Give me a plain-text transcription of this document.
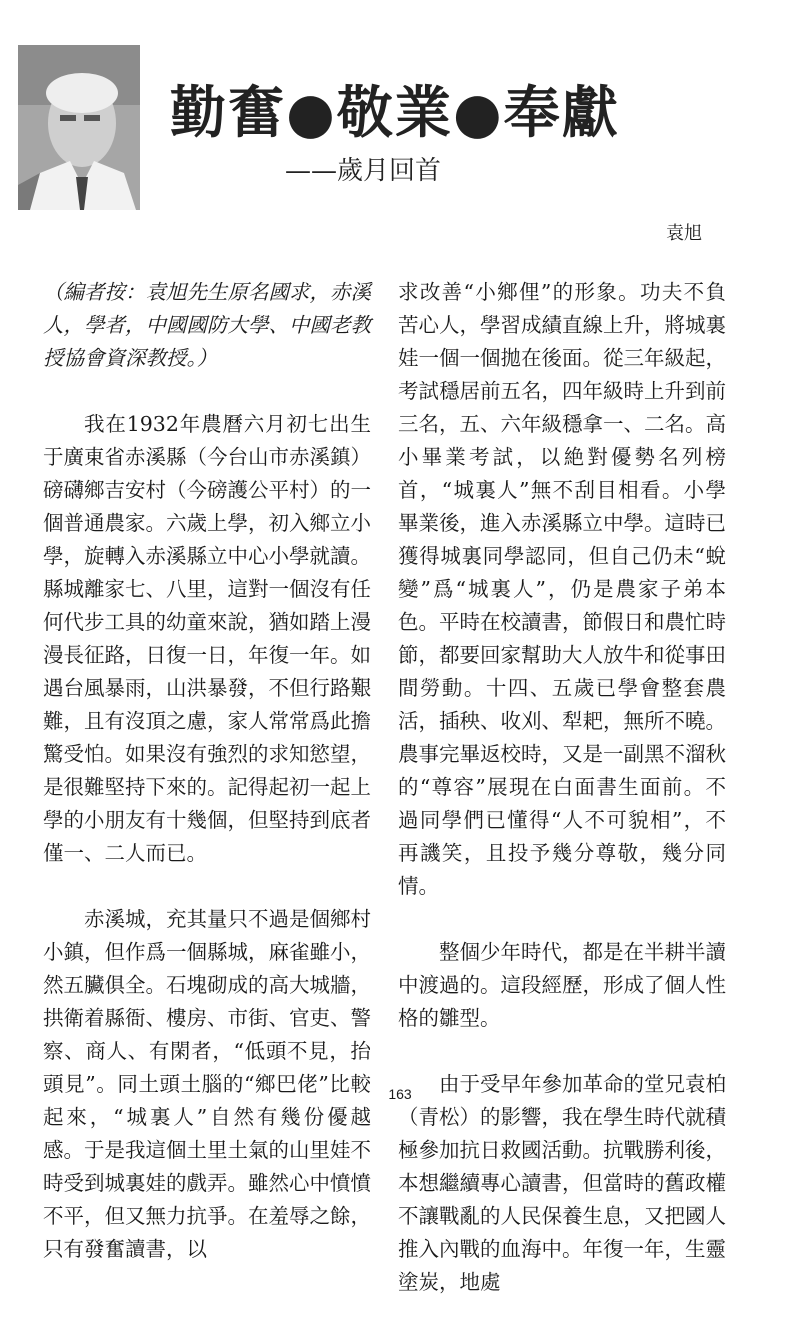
勤奮●敬業●奉獻
——歲月回首
袁旭

（編者按：袁旭先生原名國求，赤溪人，學者，中國國防大學、中國老教授協會資深教授。）

我在1932年農曆六月初七出生于廣東省赤溪縣（今台山市赤溪鎮）磅礴鄉吉安村（今磅護公平村）的一個普通農家。六歲上學，初入鄉立小學，旋轉入赤溪縣立中心小學就讀。縣城離家七、八里，這對一個沒有任何代步工具的幼童來說，猶如踏上漫漫長征路，日復一日，年復一年。如遇台風暴雨，山洪暴發，不但行路艱難，且有沒頂之慮，家人常常爲此擔驚受怕。如果沒有強烈的求知慾望，是很難堅持下來的。記得起初一起上學的小朋友有十幾個，但堅持到底者僅一、二人而已。

赤溪城，充其量只不過是個鄉村小鎮，但作爲一個縣城，麻雀雖小，然五臟俱全。石塊砌成的高大城牆，拱衛着縣衙、樓房、市街、官吏、警察、商人、有閑者，“低頭不見，抬頭見”。同土頭土腦的“鄉巴佬”比較起來，“城裏人”自然有幾份優越感。于是我這個土里土氣的山里娃不時受到城裏娃的戲弄。雖然心中憤憤不平，但又無力抗爭。在羞辱之餘，只有發奮讀書，以

求改善“小鄉俚”的形象。功夫不負苦心人，學習成績直線上升，將城裏娃一個一個拋在後面。從三年級起，考試穩居前五名，四年級時上升到前三名，五、六年級穩拿一、二名。高小畢業考試，以絶對優勢名列榜首，“城裏人”無不刮目相看。小學畢業後，進入赤溪縣立中學。這時已獲得城裏同學認同，但自己仍未“蛻變”爲“城裏人”，仍是農家子弟本色。平時在校讀書，節假日和農忙時節，都要回家幫助大人放牛和從事田間勞動。十四、五歲已學會整套農活，插秧、收刈、犁耙，無所不曉。農事完畢返校時，又是一副黑不溜秋的“尊容”展現在白面書生面前。不過同學們已懂得“人不可貌相”，不再譏笑，且投予幾分尊敬，幾分同情。

整個少年時代，都是在半耕半讀中渡過的。這段經歷，形成了個人性格的雛型。

由于受早年參加革命的堂兄袁柏（青松）的影響，我在學生時代就積極參加抗日救國活動。抗戰勝利後，本想繼續專心讀書，但當時的舊政權不讓戰亂的人民保養生息，又把國人推入內戰的血海中。年復一年，生靈塗炭，地處

163
